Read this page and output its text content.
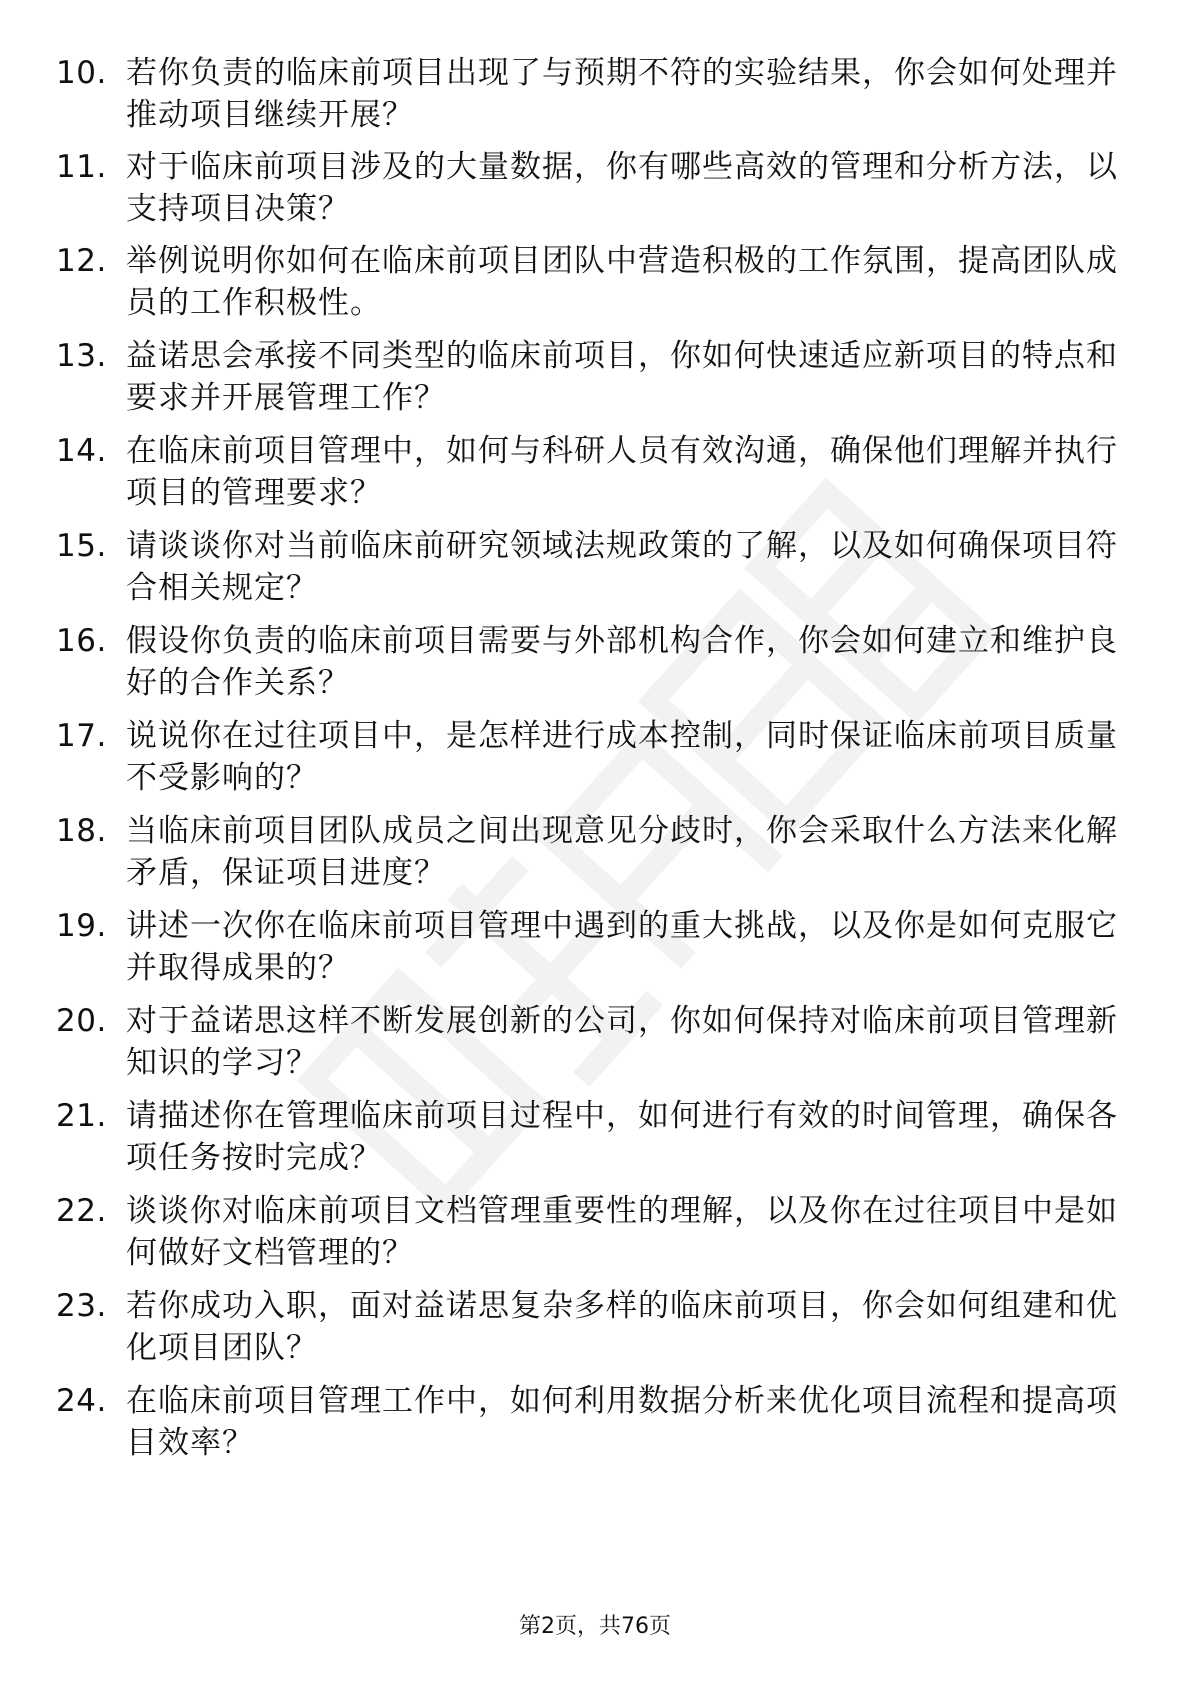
10. 若你负责的临床前项目出现了与预期不符的实验结果，你会如何处理并推动项目继续开展？
11. 对于临床前项目涉及的大量数据，你有哪些高效的管理和分析方法，以支持项目决策？
12. 举例说明你如何在临床前项目团队中营造积极的工作氛围，提高团队成员的工作积极性。
13. 益诺思会承接不同类型的临床前项目，你如何快速适应新项目的特点和要求并开展管理工作？
14. 在临床前项目管理中，如何与科研人员有效沟通，确保他们理解并执行项目的管理要求？
15. 请谈谈你对当前临床前研究领域法规政策的了解，以及如何确保项目符合相关规定？
16. 假设你负责的临床前项目需要与外部机构合作，你会如何建立和维护良好的合作关系？
17. 说说你在过往项目中，是怎样进行成本控制，同时保证临床前项目质量不受影响的？
18. 当临床前项目团队成员之间出现意见分歧时，你会采取什么方法来化解矛盾，保证项目进度？
19. 讲述一次你在临床前项目管理中遇到的重大挑战，以及你是如何克服它并取得成果的？
20. 对于益诺思这样不断发展创新的公司，你如何保持对临床前项目管理新知识的学习？
21. 请描述你在管理临床前项目过程中，如何进行有效的时间管理，确保各项任务按时完成？
22. 谈谈你对临床前项目文档管理重要性的理解，以及你在过往项目中是如何做好文档管理的？
23. 若你成功入职，面对益诺思复杂多样的临床前项目，你会如何组建和优化项目团队？
24. 在临床前项目管理工作中，如何利用数据分析来优化项目流程和提高项目效率？
第2页，共76页
